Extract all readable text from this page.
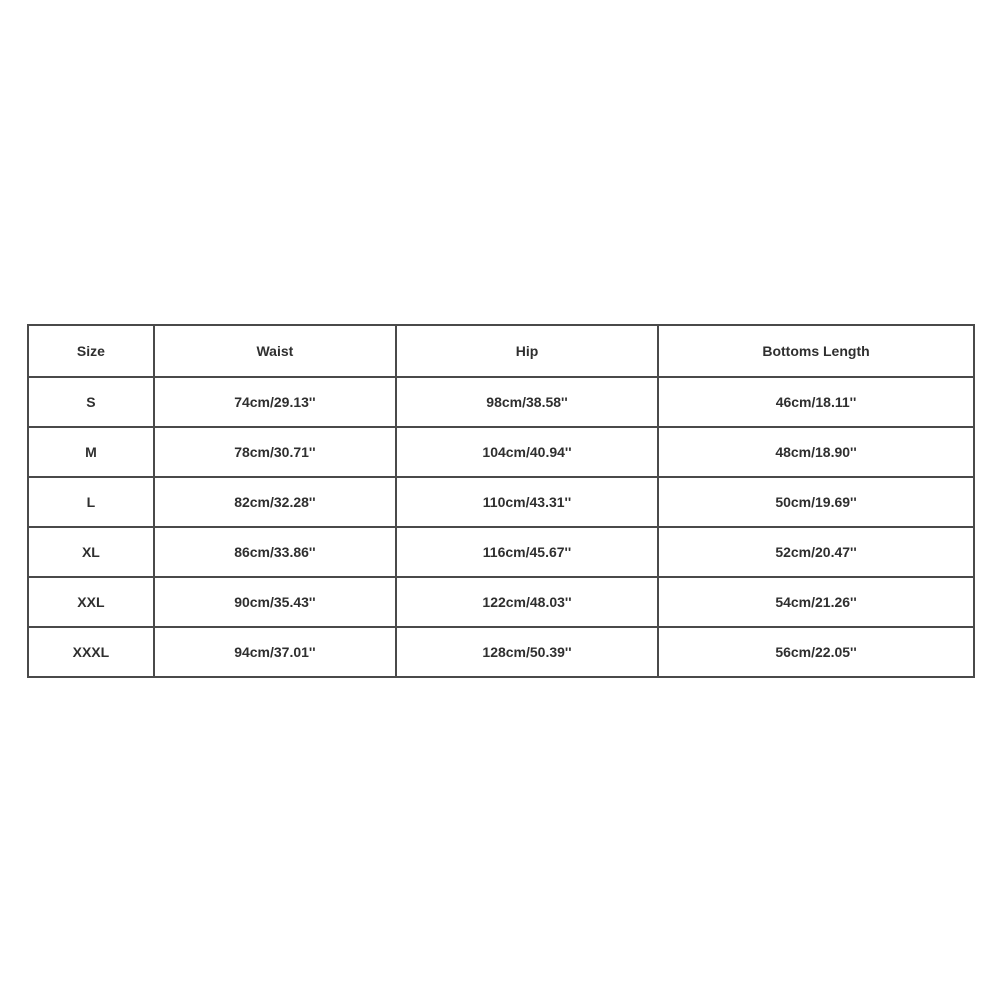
Size	Waist	Hip	Bottoms Length
S	74cm/29.13''	98cm/38.58''	46cm/18.11''
M	78cm/30.71''	104cm/40.94''	48cm/18.90''
L	82cm/32.28''	110cm/43.31''	50cm/19.69''
XL	86cm/33.86''	116cm/45.67''	52cm/20.47''
XXL	90cm/35.43''	122cm/48.03''	54cm/21.26''
XXXL	94cm/37.01''	128cm/50.39''	56cm/22.05''
